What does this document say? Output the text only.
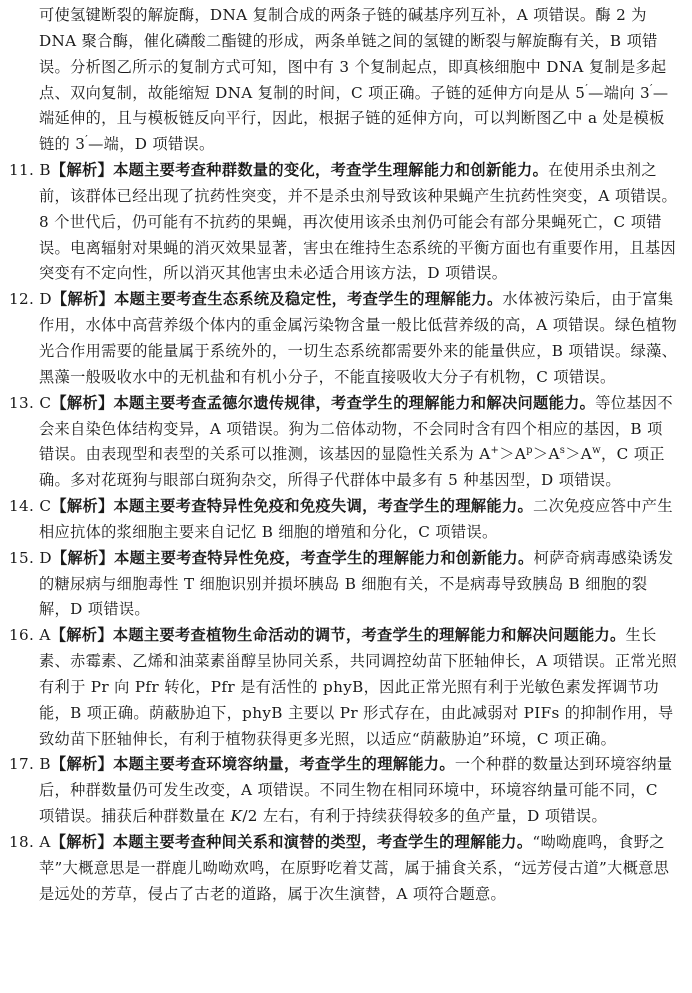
可使氢键断裂的解旋酶，DNA 复制合成的两条子链的碱基序列互补，A 项错误。酶 2 为 DNA 聚合酶，催化磷酸二酯键的形成，两条单链之间的氢键的断裂与解旋酶有关，B 项错误。分析图乙所示的复制方式可知，图中有 3 个复制起点，即真核细胞中 DNA 复制是多起点、双向复制，故能缩短 DNA 复制的时间，C 项正确。子链的延伸方向是从 5′—端向 3′—端延伸的，且与模板链反向平行，因此，根据子链的延伸方向，可以判断图乙中 a 处是模板链的 3′—端，D 项错误。

11. B【解析】本题主要考查种群数量的变化，考查学生理解能力和创新能力。在使用杀虫剂之前，该群体已经出现了抗药性突变，并不是杀虫剂导致该种果蝇产生抗药性突变，A 项错误。8 个世代后，仍可能有不抗药的果蝇，再次使用该杀虫剂仍可能会有部分果蝇死亡，C 项错误。电离辐射对果蝇的消灭效果显著，害虫在维持生态系统的平衡方面也有重要作用，且基因突变有不定向性，所以消灭其他害虫未必适合用该方法，D 项错误。

12. D【解析】本题主要考查生态系统及稳定性，考查学生的理解能力。水体被污染后，由于富集作用，水体中高营养级个体内的重金属污染物含量一般比低营养级的高，A 项错误。绿色植物光合作用需要的能量属于系统外的，一切生态系统都需要外来的能量供应，B 项错误。绿藻、黑藻一般吸收水中的无机盐和有机小分子，不能直接吸收大分子有机物，C 项错误。

13. C【解析】本题主要考查孟德尔遗传规律，考查学生的理解能力和解决问题能力。等位基因不会来自染色体结构变异，A 项错误。狗为二倍体动物，不会同时含有四个相应的基因，B 项错误。由表现型和表型的关系可以推测，该基因的显隐性关系为 $A^+>A^p>A^s>A^w$，C 项正确。多对花斑狗与眼部白斑狗杂交，所得子代群体中最多有 5 种基因型，D 项错误。

14. C【解析】本题主要考查特异性免疫和免疫失调，考查学生的理解能力。二次免疫应答中产生相应抗体的浆细胞主要来自记忆 B 细胞的增殖和分化，C 项错误。

15. D【解析】本题主要考查特异性免疫，考查学生的理解能力和创新能力。柯萨奇病毒感染诱发的糖尿病与细胞毒性 T 细胞识别并损坏胰岛 B 细胞有关，不是病毒导致胰岛 B 细胞的裂解，D 项错误。

16. A【解析】本题主要考查植物生命活动的调节，考查学生的理解能力和解决问题能力。生长素、赤霉素、乙烯和油菜素甾醇呈协同关系，共同调控幼苗下胚轴伸长，A 项错误。正常光照有利于 Pr 向 Pfr 转化，Pfr 是有活性的 phyB，因此正常光照有利于光敏色素发挥调节功能，B 项正确。荫蔽胁迫下，phyB 主要以 Pr 形式存在，由此减弱对 PIFs 的抑制作用，导致幼苗下胚轴伸长，有利于植物获得更多光照，以适应“荫蔽胁迫”环境，C 项正确。

17. B【解析】本题主要考查环境容纳量，考查学生的理解能力。一个种群的数量达到环境容纳量后，种群数量仍可发生改变，A 项错误。不同生物在相同环境中，环境容纳量可能不同，C 项错误。捕获后种群数量在 K/2 左右，有利于持续获得较多的鱼产量，D 项错误。

18. A【解析】本题主要考查种间关系和演替的类型，考查学生的理解能力。“呦呦鹿鸣，食野之苹”大概意思是一群鹿儿呦呦欢鸣，在原野吃着艾蒿，属于捕食关系，“远芳侵古道”大概意思是远处的芳草，侵占了古老的道路，属于次生演替，A 项符合题意。
